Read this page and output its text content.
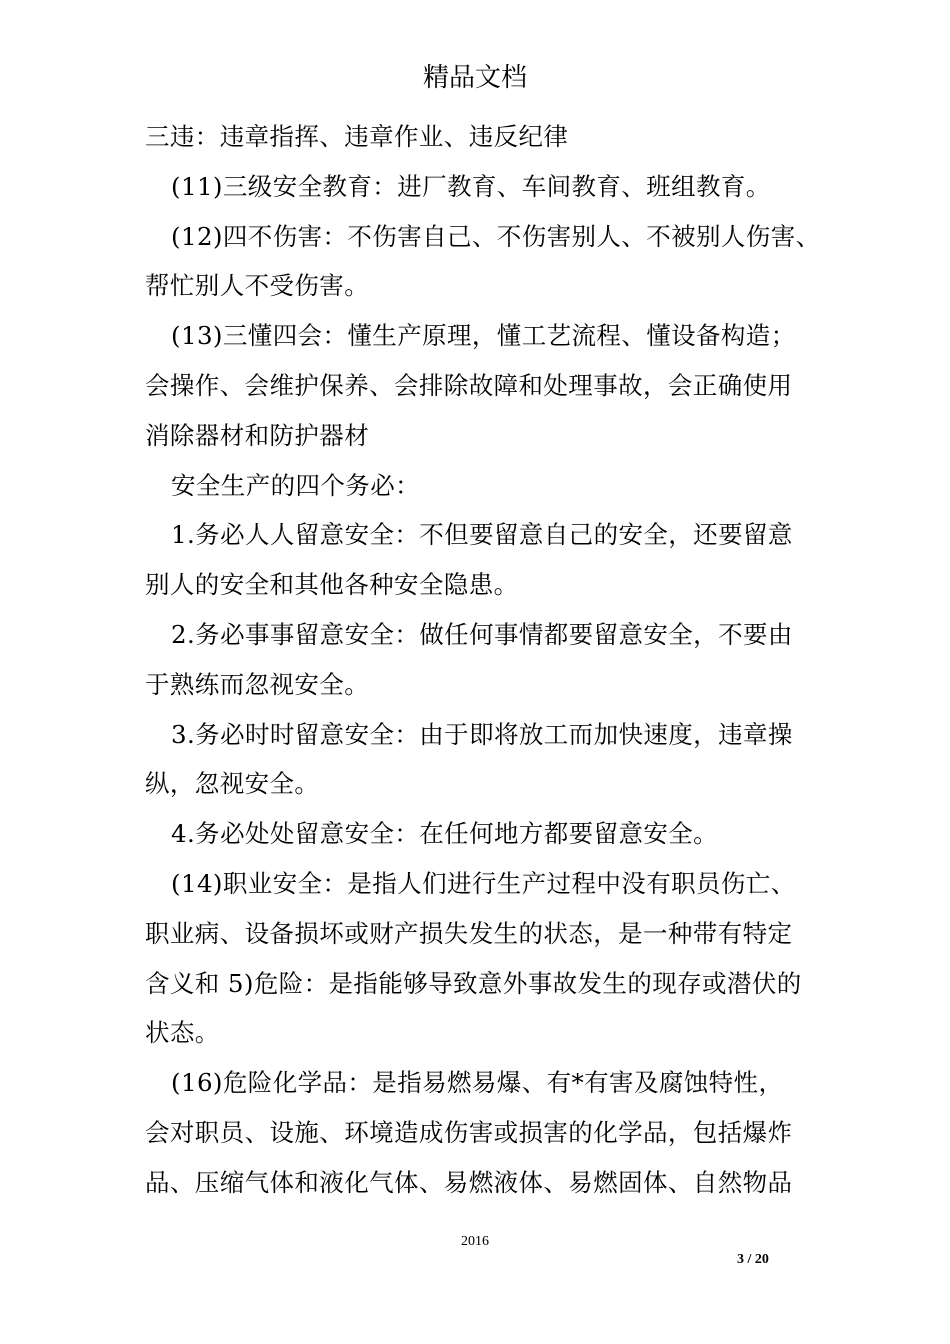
精品文档
三违：违章指挥、违章作业、违反纪律
(11)三级安全教育：进厂教育、车间教育、班组教育。
(12)四不伤害：不伤害自己、不伤害别人、不被别人伤害、
帮忙别人不受伤害。
(13)三懂四会：懂生产原理，懂工艺流程、懂设备构造；
会操作、会维护保养、会排除故障和处理事故，会正确使用
消除器材和防护器材
安全生产的四个务必：
1.务必人人留意安全：不但要留意自己的安全，还要留意
别人的安全和其他各种安全隐患。
2.务必事事留意安全：做任何事情都要留意安全，不要由
于熟练而忽视安全。
3.务必时时留意安全：由于即将放工而加快速度，违章操
纵，忽视安全。
4.务必处处留意安全：在任何地方都要留意安全。
(14)职业安全：是指人们进行生产过程中没有职员伤亡、
职业病、设备损坏或财产损失发生的状态，是一种带有特定
含义和 5)危险：是指能够导致意外事故发生的现存或潜伏的
状态。
(16)危险化学品：是指易燃易爆、有*有害及腐蚀特性，
会对职员、设施、环境造成伤害或损害的化学品，包括爆炸
品、压缩气体和液化气体、易燃液体、易燃固体、自然物品
2016
3 / 20
